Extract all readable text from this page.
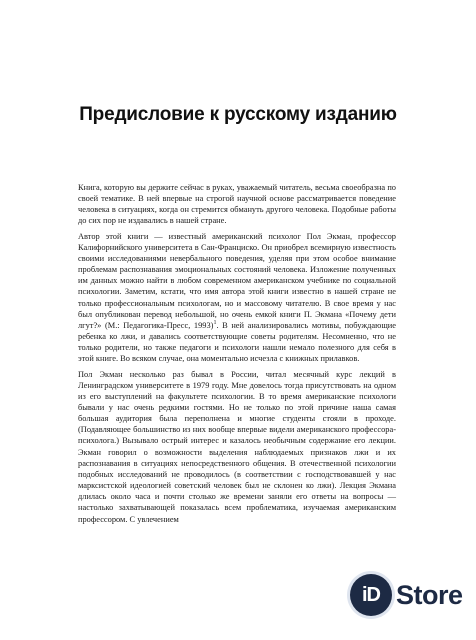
Предисловие к русскому изданию

Книга, которую вы держите сейчас в руках, уважаемый читатель, весьма своеобразна по своей тематике. В ней впервые на строгой научной основе рассматривается поведение человека в ситуациях, когда он стремится обмануть другого человека. Подобные работы до сих пор не издавались в нашей стране.

Автор этой книги — известный американский психолог Пол Экман, профессор Калифорнийского университета в Сан-Франциско. Он приобрел всемирную известность своими исследованиями невербального поведения, уделяя при этом особое внимание проблемам распознавания эмоциональных состояний человека. Изложение полученных им данных можно найти в любом современном американском учебнике по социальной психологии. Заметим, кстати, что имя автора этой книги известно в нашей стране не только профессиональным психологам, но и массовому читателю. В свое время у нас был опубликован перевод небольшой, но очень емкой книги П. Экмана «Почему дети лгут?» (М.: Педагогика-Пресс, 1993)$^1$. В ней анализировались мотивы, побуждающие ребенка ко лжи, и давались соответствующие советы родителям. Несомненно, что не только родители, но также педагоги и психологи нашли немало полезного для себя в этой книге. Во всяком случае, она моментально исчезла с книжных прилавков.

Пол Экман несколько раз бывал в России, читал месячный курс лекций в Ленинградском университете в 1979 году. Мне довелось тогда присутствовать на одном из его выступлений на факультете психологии. В то время американские психологи бывали у нас очень редкими гостями. Но не только по этой причине наша самая большая аудитория была переполнена и многие студенты стояли в проходе. (Подавляющее большинство из них вообще впервые видели американского профессора-психолога.) Вызывало острый интерес и казалось необычным содержание его лекции. Экман говорил о возможности выделения наблюдаемых признаков лжи и их распознавания в ситуациях непосредственного общения. В отечественной психологии подобных исследований не проводилось (в соответствии с господствовавшей у нас марксистской идеологией советский человек был не склонен ко лжи). Лекция Экмана длилась около часа и почти столько же времени заняли его ответы на вопросы — настолько захватывающей показалась всем проблематика, изучаемая американским профессором. С увлечением

iD Store
